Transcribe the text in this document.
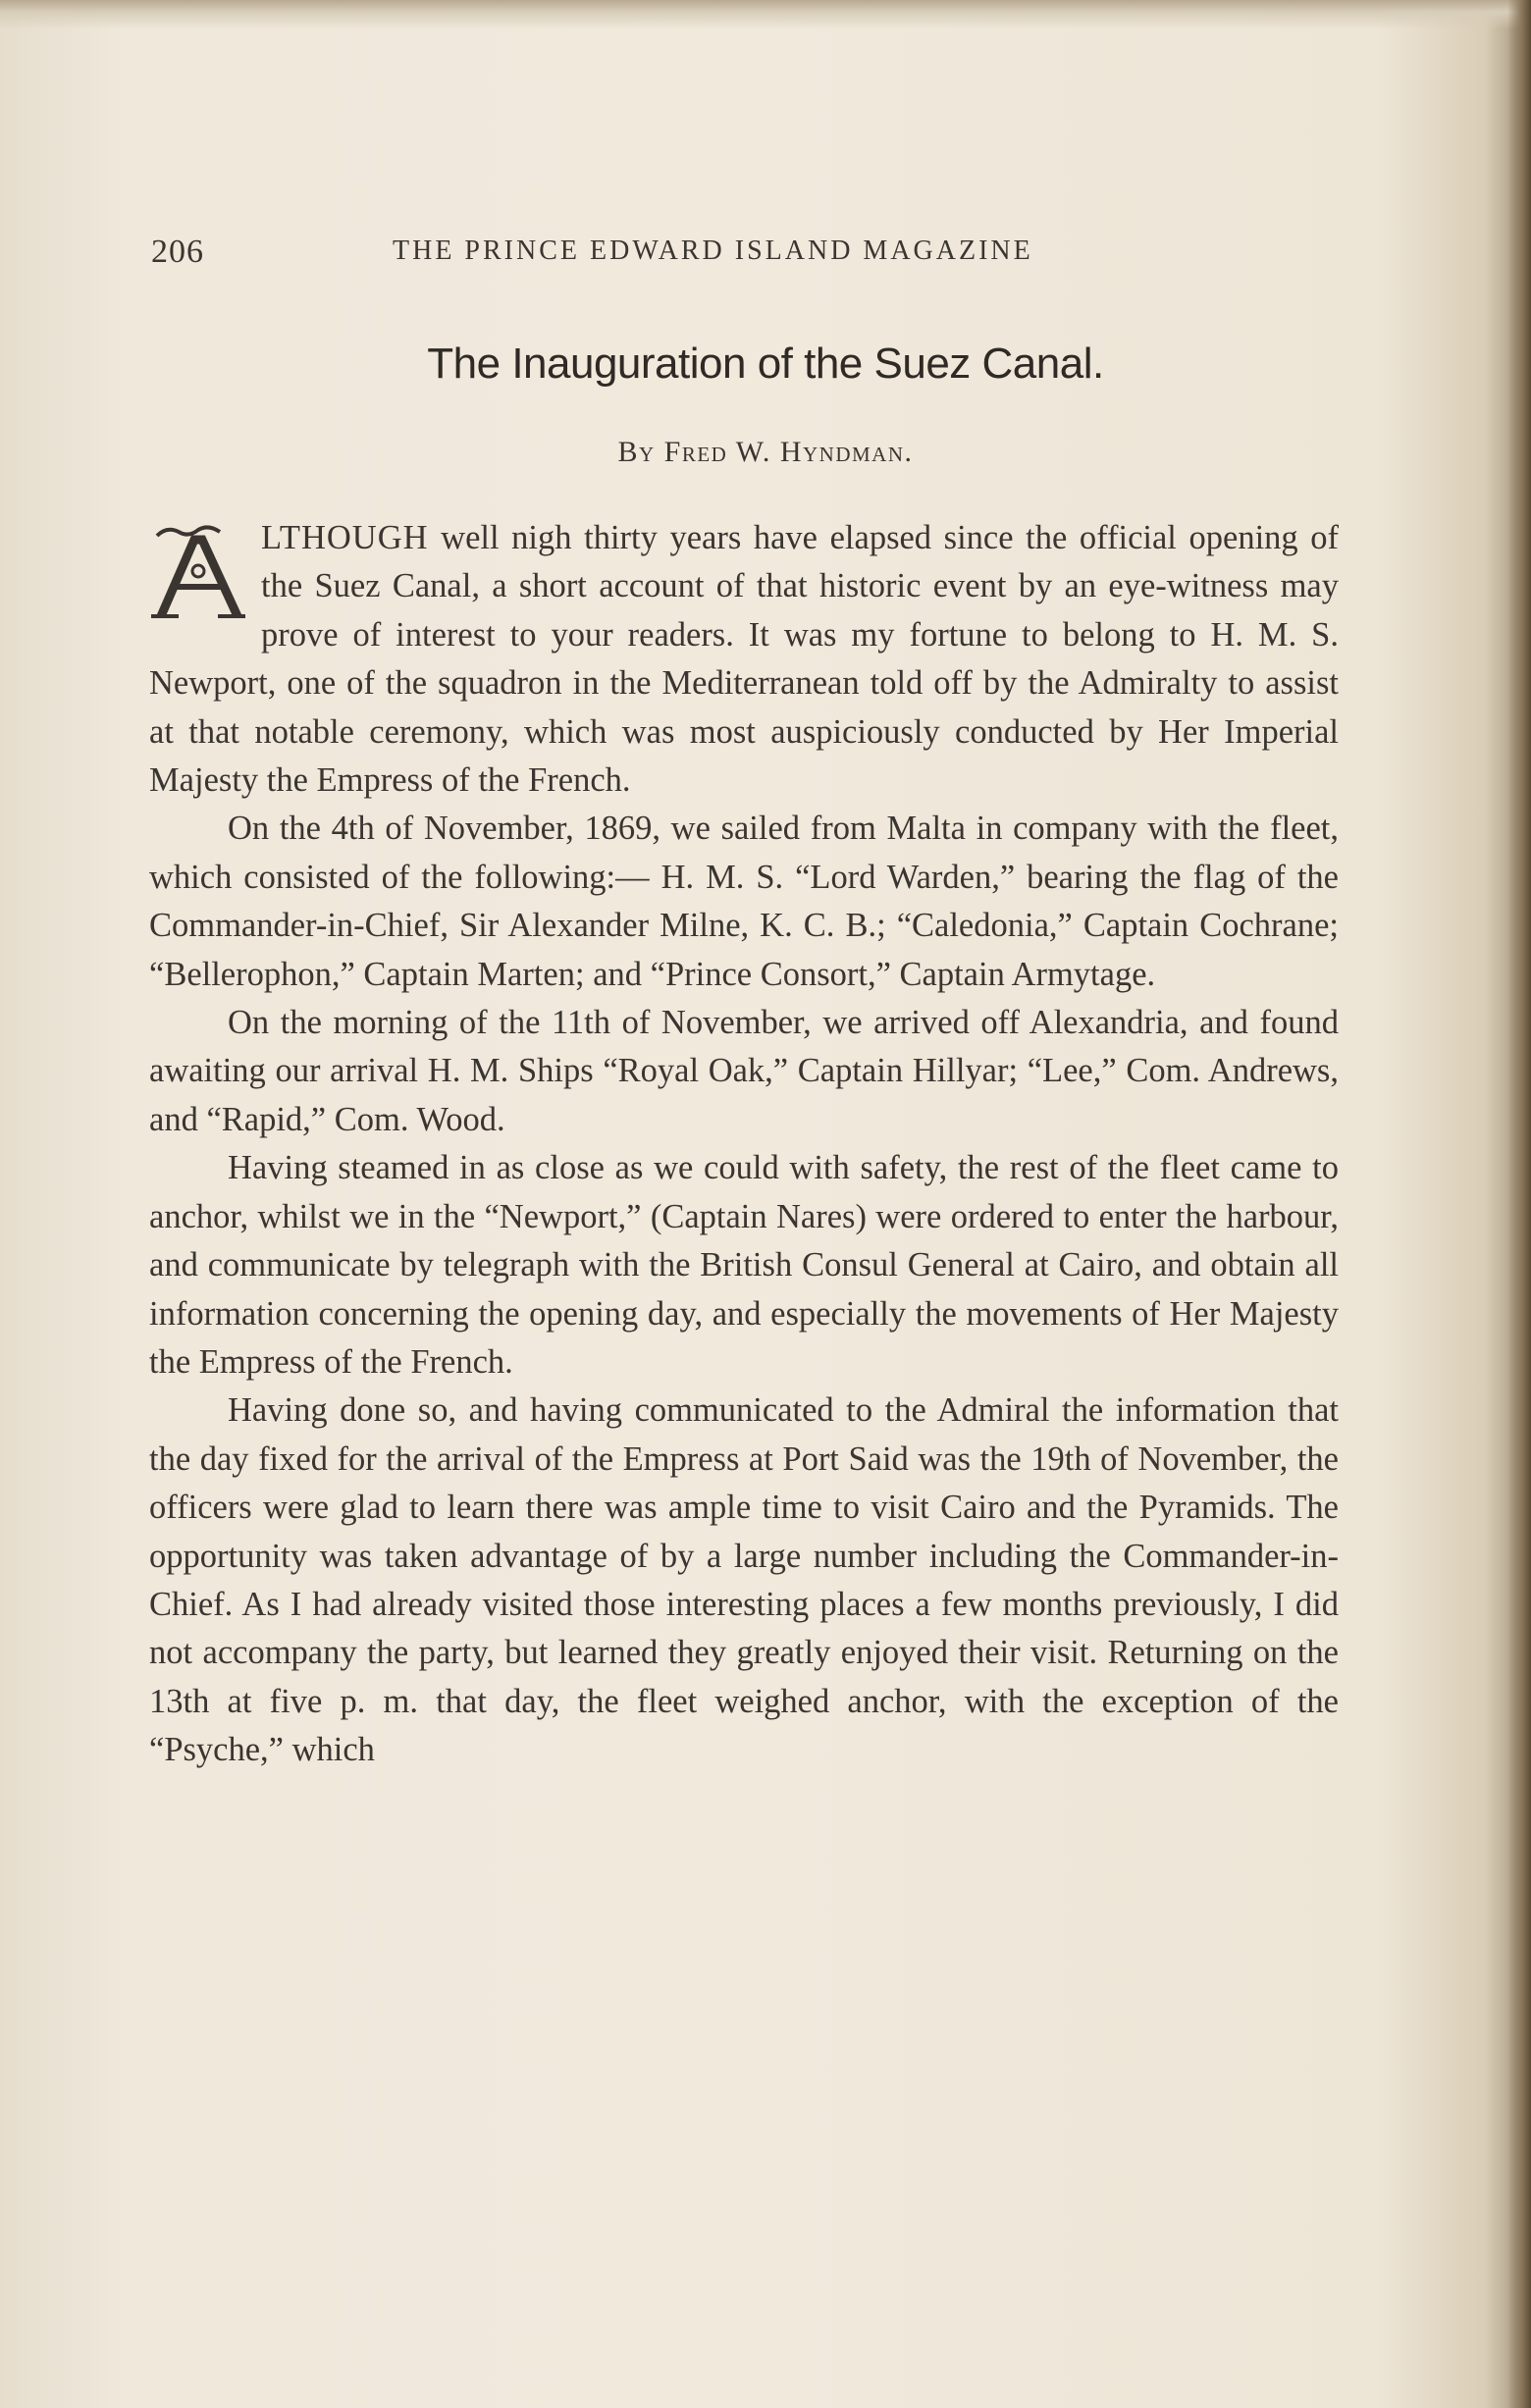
206	THE PRINCE EDWARD ISLAND MAGAZINE
The Inauguration of the Suez Canal.
By Fred W. Hyndman.

LTHOUGH well nigh thirty years have elapsed since the official opening of the Suez Canal, a short account of that historic event by an eye-witness may prove of interest to your readers. It was my fortune to belong to H. M. S. Newport, one of the squadron in the Mediterranean told off by the Admiralty to assist at that notable ceremony, which was most auspiciously conducted by Her Imperial Majesty the Empress of the French.

On the 4th of November, 1869, we sailed from Malta in company with the fleet, which consisted of the following:— H. M. S. “Lord Warden,” bearing the flag of the Commander-in-Chief, Sir Alexander Milne, K. C. B.; “Caledonia,” Captain Cochrane; “Bellerophon,” Captain Marten; and “Prince Consort,” Captain Armytage.

On the morning of the 11th of November, we arrived off Alexandria, and found awaiting our arrival H. M. Ships “Royal Oak,” Captain Hillyar; “Lee,” Com. Andrews, and “Rapid,” Com. Wood.

Having steamed in as close as we could with safety, the rest of the fleet came to anchor, whilst we in the “Newport,” (Captain Nares) were ordered to enter the harbour, and communicate by telegraph with the British Consul General at Cairo, and obtain all information concerning the opening day, and especially the movements of Her Majesty the Empress of the French.

Having done so, and having communicated to the Admiral the information that the day fixed for the arrival of the Empress at Port Said was the 19th of November, the officers were glad to learn there was ample time to visit Cairo and the Pyramids. The opportunity was taken advantage of by a large number including the Commander-in-Chief. As I had already visited those interesting places a few months previously, I did not accompany the party, but learned they greatly enjoyed their visit. Returning on the 13th at five p. m. that day, the fleet weighed anchor, with the exception of the “Psyche,” which
